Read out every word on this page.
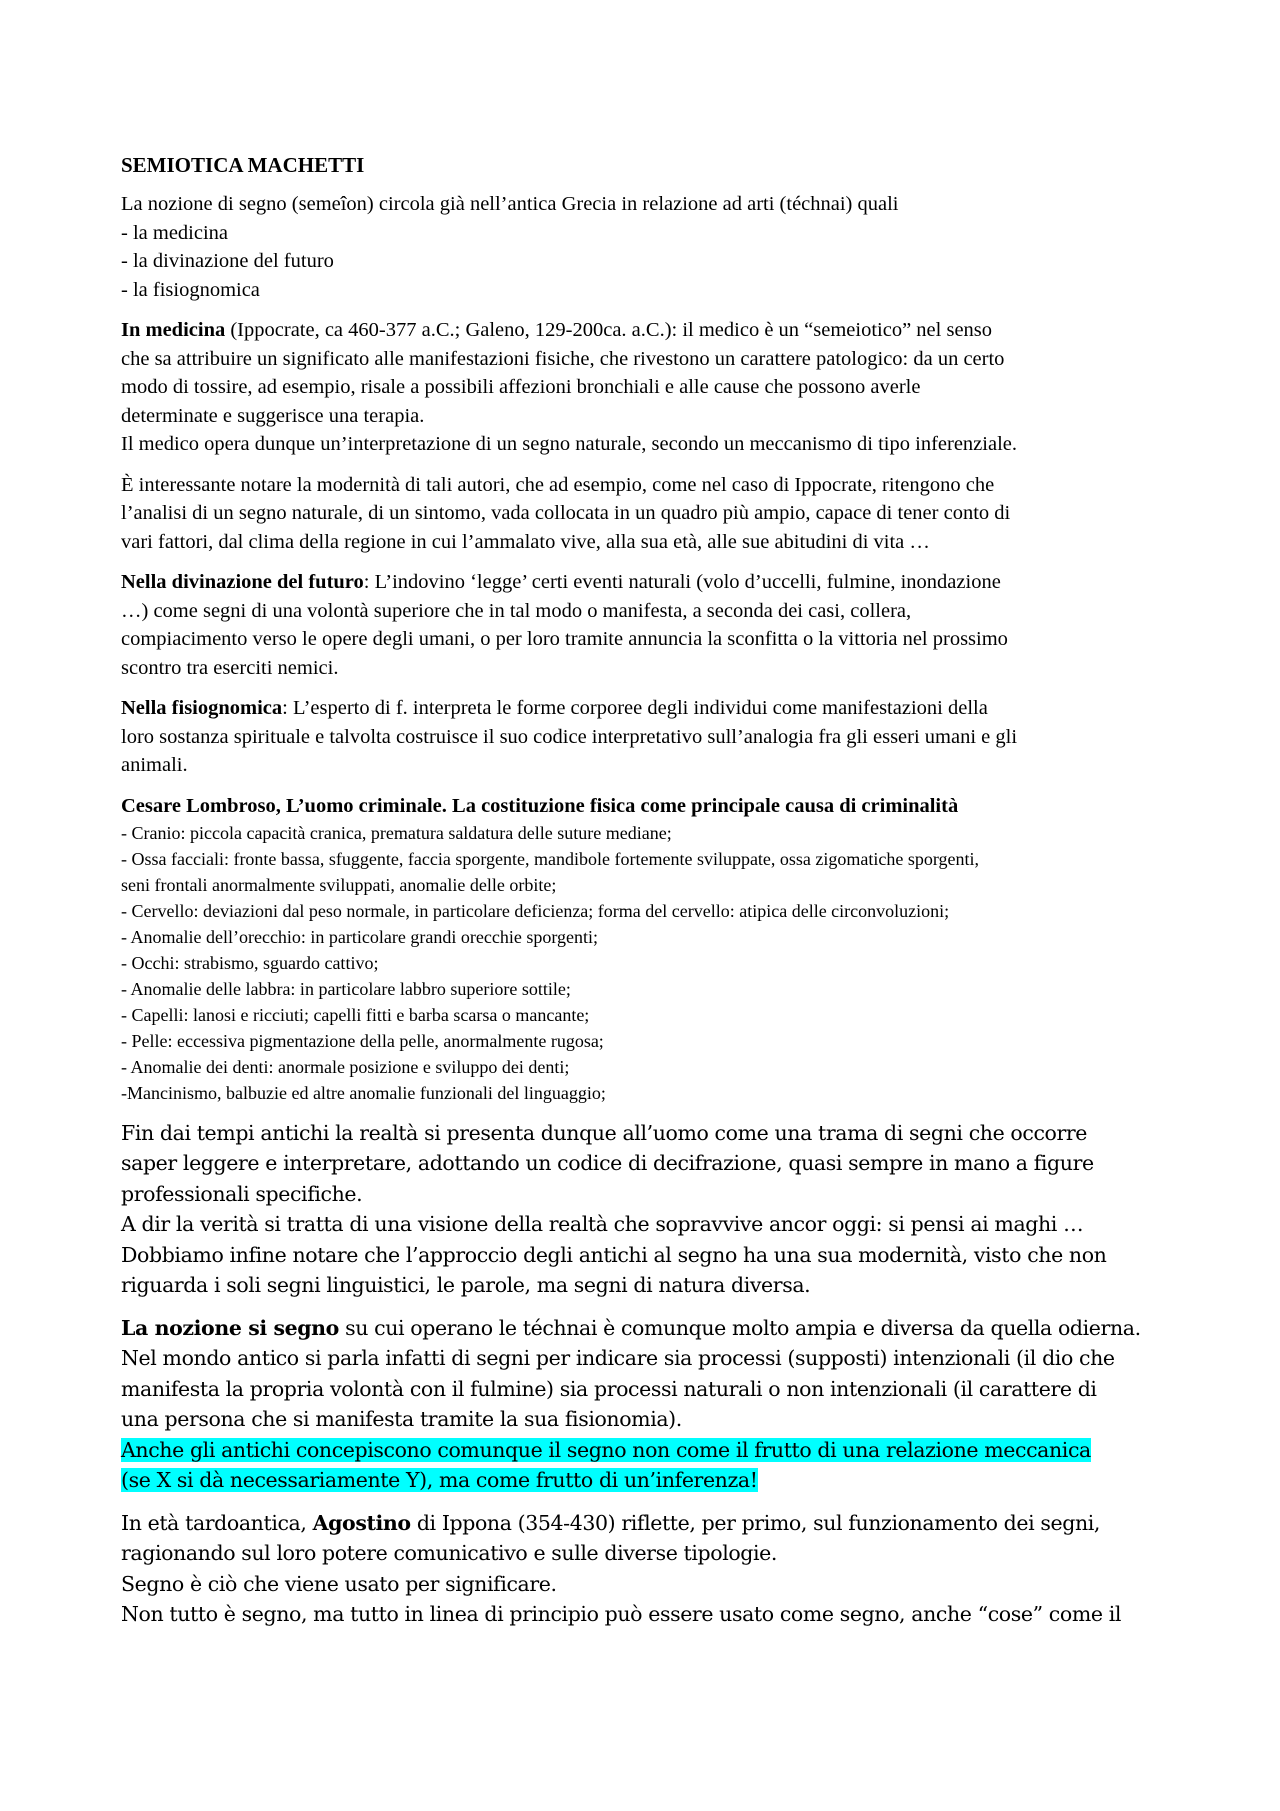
SEMIOTICA MACHETTI
La nozione di segno (semeîon) circola già nell’antica Grecia in relazione ad arti (téchnai) quali
- la medicina
- la divinazione del futuro
- la fisiognomica
In medicina (Ippocrate, ca 460-377 a.C.; Galeno, 129-200ca. a.C.): il medico è un “semeiotico” nel senso
che sa attribuire un significato alle manifestazioni fisiche, che rivestono un carattere patologico: da un certo
modo di tossire, ad esempio, risale a possibili affezioni bronchiali e alle cause che possono averle
determinate e suggerisce una terapia.
Il medico opera dunque un’interpretazione di un segno naturale, secondo un meccanismo di tipo inferenziale.
È interessante notare la modernità di tali autori, che ad esempio, come nel caso di Ippocrate, ritengono che
l’analisi di un segno naturale, di un sintomo, vada collocata in un quadro più ampio, capace di tener conto di
vari fattori, dal clima della regione in cui l’ammalato vive, alla sua età, alle sue abitudini di vita …
Nella divinazione del futuro: L’indovino ‘legge’ certi eventi naturali (volo d’uccelli, fulmine, inondazione
…) come segni di una volontà superiore che in tal modo o manifesta, a seconda dei casi, collera,
compiacimento verso le opere degli umani, o per loro tramite annuncia la sconfitta o la vittoria nel prossimo
scontro tra eserciti nemici.
Nella fisiognomica: L’esperto di f. interpreta le forme corporee degli individui come manifestazioni della
loro sostanza spirituale e talvolta costruisce il suo codice interpretativo sull’analogia fra gli esseri umani e gli
animali.
Cesare Lombroso, L’uomo criminale. La costituzione fisica come principale causa di criminalità
- Cranio: piccola capacità cranica, prematura saldatura delle suture mediane;
- Ossa facciali: fronte bassa, sfuggente, faccia sporgente, mandibole fortemente sviluppate, ossa zigomatiche sporgenti,
seni frontali anormalmente sviluppati, anomalie delle orbite;
- Cervello: deviazioni dal peso normale, in particolare deficienza; forma del cervello: atipica delle circonvoluzioni;
- Anomalie dell’orecchio: in particolare grandi orecchie sporgenti;
- Occhi: strabismo, sguardo cattivo;
- Anomalie delle labbra: in particolare labbro superiore sottile;
- Capelli: lanosi e ricciuti; capelli fitti e barba scarsa o mancante;
- Pelle: eccessiva pigmentazione della pelle, anormalmente rugosa;
- Anomalie dei denti: anormale posizione e sviluppo dei denti;
-Mancinismo, balbuzie ed altre anomalie funzionali del linguaggio;
Fin dai tempi antichi la realtà si presenta dunque all’uomo come una trama di segni che occorre
saper leggere e interpretare, adottando un codice di decifrazione, quasi sempre in mano a figure
professionali specifiche.
A dir la verità si tratta di una visione della realtà che sopravvive ancor oggi: si pensi ai maghi …
Dobbiamo infine notare che l’approccio degli antichi al segno ha una sua modernità, visto che non
riguarda i soli segni linguistici, le parole, ma segni di natura diversa.
La nozione si segno su cui operano le téchnai è comunque molto ampia e diversa da quella odierna.
Nel mondo antico si parla infatti di segni per indicare sia processi (supposti) intenzionali (il dio che
manifesta la propria volontà con il fulmine) sia processi naturali o non intenzionali (il carattere di
una persona che si manifesta tramite la sua fisionomia).
Anche gli antichi concepiscono comunque il segno non come il frutto di una relazione meccanica
(se X si dà necessariamente Y), ma come frutto di un’inferenza!
In età tardoantica, Agostino di Ippona (354-430) riflette, per primo, sul funzionamento dei segni,
ragionando sul loro potere comunicativo e sulle diverse tipologie.
Segno è ciò che viene usato per significare.
Non tutto è segno, ma tutto in linea di principio può essere usato come segno, anche “cose” come il
